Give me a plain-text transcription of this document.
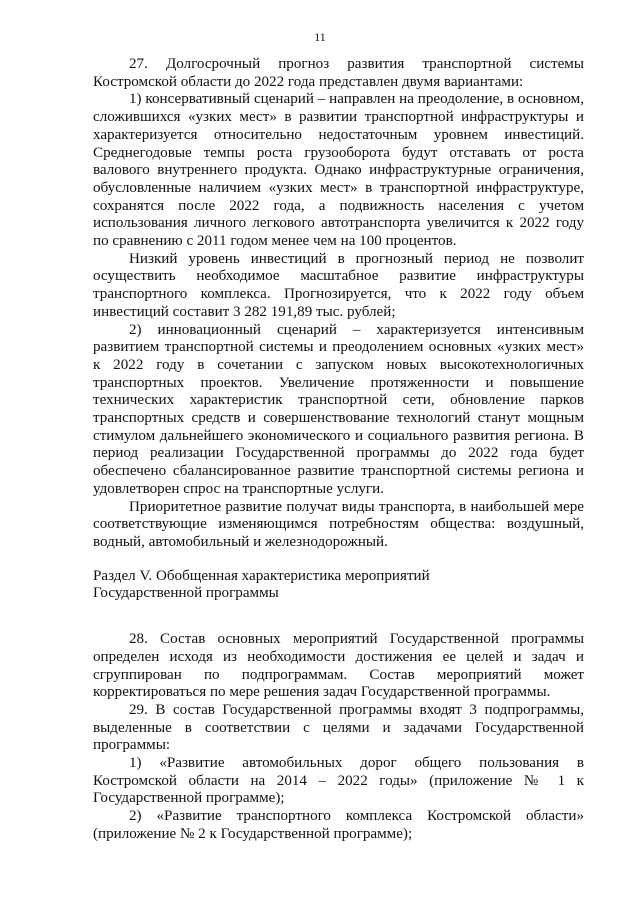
11

27. Долгосрочный прогноз развития транспортной системы Костромской области до 2022 года представлен двумя вариантами:

1) консервативный сценарий – направлен на преодоление, в основном, сложившихся «узких мест» в развитии транспортной инфраструктуры и характеризуется относительно недостаточным уровнем инвестиций. Среднегодовые темпы роста грузооборота будут отставать от роста валового внутреннего продукта. Однако инфраструктурные ограничения, обусловленные наличием «узких мест» в транспортной инфраструктуре, сохранятся после 2022 года, а подвижность населения с учетом использования личного легкового автотранспорта увеличится к 2022 году по сравнению с 2011 годом менее чем на 100 процентов.

Низкий уровень инвестиций в прогнозный период не позволит осуществить необходимое масштабное развитие инфраструктуры транспортного комплекса. Прогнозируется, что к 2022 году объем инвестиций составит 3 282 191,89 тыс. рублей;

2) инновационный сценарий – характеризуется интенсивным развитием транспортной системы и преодолением основных «узких мест» к 2022 году в сочетании с запуском новых высокотехнологичных транспортных проектов. Увеличение протяженности и повышение технических характеристик транспортной сети, обновление парков транспортных средств и совершенствование технологий станут мощным стимулом дальнейшего экономического и социального развития региона. В период реализации Государственной программы до 2022 года будет обеспечено сбалансированное развитие транспортной системы региона и удовлетворен спрос на транспортные услуги.

Приоритетное развитие получат виды транспорта, в наибольшей мере соответствующие изменяющимся потребностям общества: воздушный, водный, автомобильный и железнодорожный.

Раздел V. Обобщенная характеристика мероприятий
Государственной программы

28. Состав основных мероприятий Государственной программы определен исходя из необходимости достижения ее целей и задач и сгруппирован по подпрограммам. Состав мероприятий может корректироваться по мере решения задач Государственной программы.

29. В состав Государственной программы входят 3 подпрограммы, выделенные в соответствии с целями и задачами Государственной программы:

1) «Развитие автомобильных дорог общего пользования в Костромской области на 2014 – 2022 годы» (приложение № 1 к Государственной программе);

2) «Развитие транспортного комплекса Костромской области» (приложение № 2 к Государственной программе);
